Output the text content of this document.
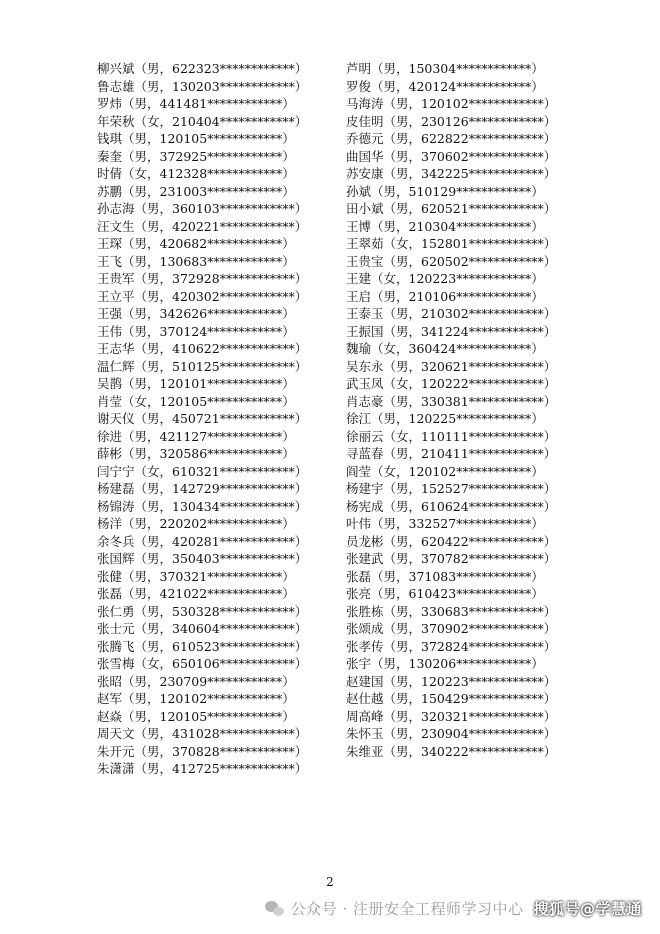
柳兴斌（男，622323************）
鲁志雄（男，130203************）
罗炜（男，441481************）
年荣秋（女，210404************）
钱琪（男，120105************）
秦奎（男，372925************）
时倩（女，412328************）
苏鹏（男，231003************）
孙志海（男，360103************）
汪文生（男，420221************）
王琛（男，420682************）
王飞（男，130683************）
王贵军（男，372928************）
王立平（男，420302************）
王强（男，342626************）
王伟（男，370124************）
王志华（男，410622************）
温仁辉（男，510125************）
吴鹊（男，120101************）
肖莹（女，120105************）
谢天仪（男，450721************）
徐进（男，421127************）
薛彬（男，320586************）
闫宁宁（女，610321************）
杨建磊（男，142729************）
杨锦涛（男，130434************）
杨洋（男，220202************）
余冬兵（男，420281************）
张国辉（男，350403************）
张健（男，370321************）
张磊（男，421022************）
张仁勇（男，530328************）
张士元（男，340604************）
张腾飞（男，610523************）
张雪梅（女，650106************）
张昭（男，230709************）
赵军（男，120102************）
赵焱（男，120105************）
周天文（男，431028************）
朱开元（男，370828************）
朱潇潇（男，412725************）
芦明（男，150304************）
罗俊（男，420124************）
马海涛（男，120102************）
皮佳明（男，230126************）
乔德元（男，622822************）
曲国华（男，370602************）
苏安康（男，342225************）
孙斌（男，510129************）
田小斌（男，620521************）
王博（男，210304************）
王翠茹（女，152801************）
王贵宝（男，620502************）
王建（女，120223************）
王启（男，210106************）
王泰玉（男，210302************）
王振国（男，341224************）
魏瑜（女，360424************）
吴东永（男，320621************）
武玉凤（女，120222************）
肖志豪（男，330381************）
徐江（男，120225************）
徐丽云（女，110111************）
寻蓝春（男，210411************）
阎莹（女，120102************）
杨建宇（男，152527************）
杨宪成（男，610624************）
叶伟（男，332527************）
员龙彬（男，620422************）
张建武（男，370782************）
张磊（男，371083************）
张亮（男，610423************）
张胜栋（男，330683************）
张颂成（男，370902************）
张孝传（男，372824************）
张宇（男，130206************）
赵建国（男，120223************）
赵仕越（男，150429************）
周高峰（男，320321************）
朱怀玉（男，230904************）
朱维亚（男，340222************）
2
公众号 · 注册安全工程师学习中心 搜狐号@学慧通
